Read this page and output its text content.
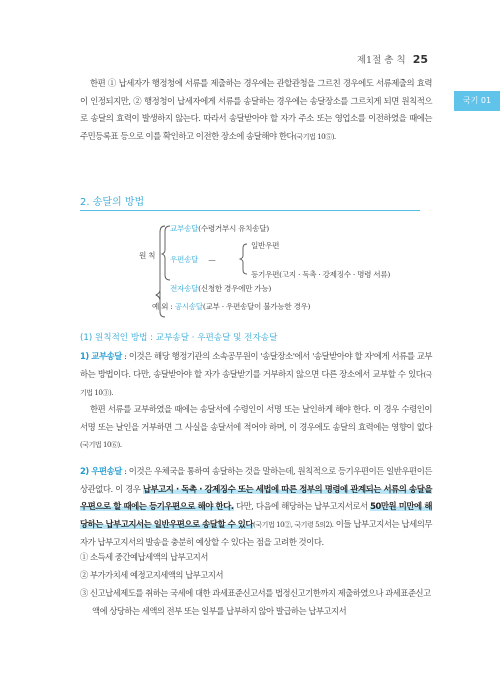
제1절 총 칙 25
국기 01

한편 ① 납세자가 행정청에 서류를 제출하는 경우에는 관할관청을 그르친 경우에도 서류제출의 효력이 인정되지만, ② 행정청이 납세자에게 서류를 송달하는 경우에는 송달장소를 그르치게 되면 원칙적으로 송달의 효력이 발생하지 않는다. 따라서 송달받아야 할 자가 주소 또는 영업소를 이전하였을 때에는 주민등록표 등으로 이를 확인하고 이전한 장소에 송달해야 한다(국기법 10⑤).

2. 송달의 방법
원 칙
교부송달(수령거부시 유치송달)
우편송달 —
일반우편
등기우편(고지 · 독촉 · 강제징수 · 명령 서류)
전자송달(신청한 경우에만 가능)
예 외 : 공시송달(교부 · 우편송달이 불가능한 경우)
(1) 원칙적인 방법 : 교부송달 · 우편송달 및 전자송달

1) 교부송달 : 이것은 해당 행정기관의 소속공무원이 '송달장소'에서 '송달받아야 할 자'에게 서류를 교부하는 방법이다. 다만, 송달받아야 할 자가 송달받기를 거부하지 않으면 다른 장소에서 교부할 수 있다(국기법 10③).

한편 서류를 교부하였을 때에는 송달서에 수령인이 서명 또는 날인하게 해야 한다. 이 경우 수령인이 서명 또는 날인을 거부하면 그 사실을 송달서에 적어야 하며, 이 경우에도 송달의 효력에는 영향이 없다(국기법 10⑥).

2) 우편송달 : 이것은 우체국을 통하여 송달하는 것을 말하는데, 원칙적으로 등기우편이든 일반우편이든 상관없다. 이 경우 납부고지 · 독촉 · 강제징수 또는 세법에 따른 정부의 명령에 관계되는 서류의 송달을 우편으로 할 때에는 등기우편으로 해야 한다. 다만, 다음에 해당하는 납부고지서로서 50만원 미만에 해당하는 납부고지서는 일반우편으로 송달할 수 있다(국기법 10②, 국기령 5의2). 이들 납부고지서는 납세의무자가 납부고지서의 발송을 충분히 예상할 수 있다는 점을 고려한 것이다.

① 소득세 중간예납세액의 납부고지서

② 부가가치세 예정고지세액의 납부고지서

③ 신고납세제도를 취하는 국세에 대한 과세표준신고서를 법정신고기한까지 제출하였으나 과세표준신고액에 상당하는 세액의 전부 또는 일부를 납부하지 않아 발급하는 납부고지서
